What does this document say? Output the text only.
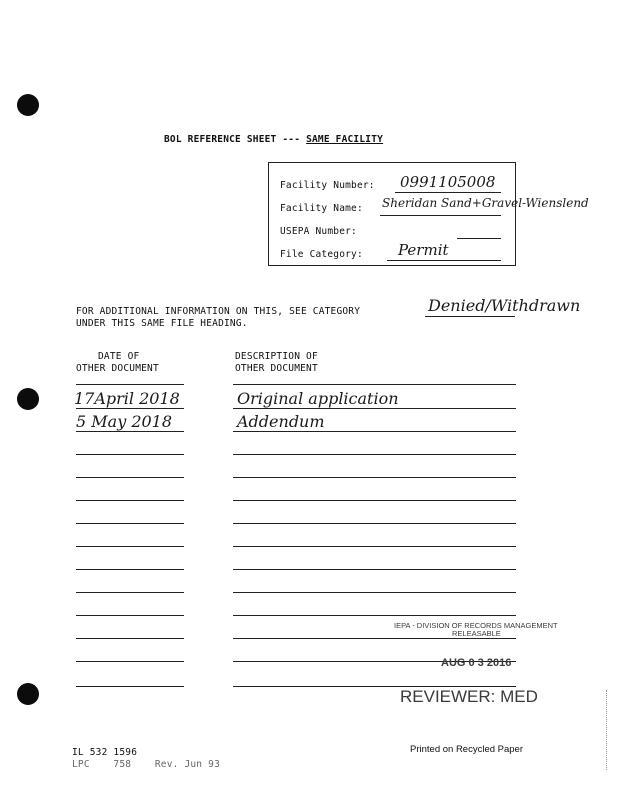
BOL REFERENCE SHEET --- SAME FACILITY
Facility Number: 0991105008
Facility Name: Sheridan Sand+Gravel-Wienslend
USEPA Number:
File Category: Permit
FOR ADDITIONAL INFORMATION ON THIS, SEE CATEGORY	Denied/Withdrawn
UNDER THIS SAME FILE HEADING.
DATE OF
OTHER DOCUMENT
DESCRIPTION OF
OTHER DOCUMENT
17April 2018	Original application
5 May 2018	Addendum
IEPA - DIVISION OF RECORDS MANAGEMENT
RELEASABLE
AUG 0 3 2016
REVIEWER: MED
IL 532 1596
LPC    758    Rev. Jun 93
Printed on Recycled Paper
